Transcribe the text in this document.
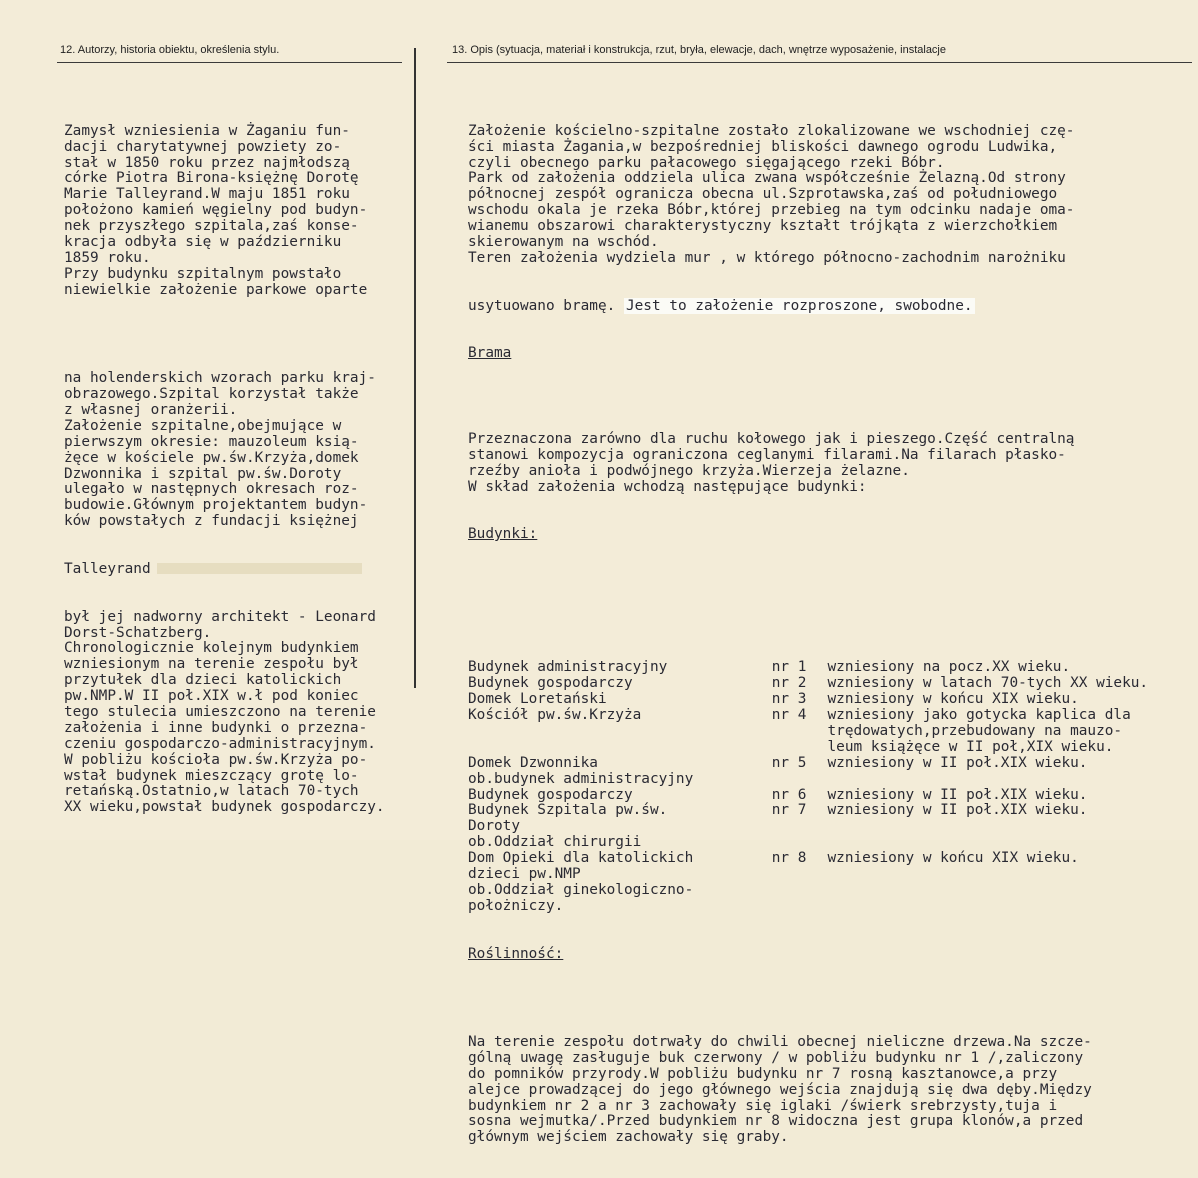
12. Autorzy, historia obiektu, określenia stylu.	13. Opis (sytuacja, materiał i konstrukcja, rzut, bryła, elewacje, dach, wnętrze wyposażenie, instalacje

Zamysł wzniesienia w Żaganiu fun-
dacji charytatywnej powziety zo-
stał w 1850 roku przez najmłodszą
córke Piotra Birona-księżnę Dorotę
Marie Talleyrand.W maju 1851 roku
położono kamień węgielny pod budyn-
nek przyszłego szpitala,zaś konse-
kracja odbyła się w październiku
1859 roku.
Przy budynku szpitalnym powstało
niewielkie założenie parkowe oparte

na holenderskich wzorach parku kraj-
obrazowego.Szpital korzystał także
z własnej oranżerii.
Założenie szpitalne,obejmujące w
pierwszym okresie: mauzoleum ksią-
żęce w kościele pw.św.Krzyża,domek
Dzwonnika i szpital pw.św.Doroty
ulegało w następnych okresach roz-
budowie.Głównym projektantem budyn-
ków powstałych z fundacji księżnej

Talleyrand

był jej nadworny architekt - Leonard
Dorst-Schatzberg.
Chronologicznie kolejnym budynkiem
wzniesionym na terenie zespołu był
przytułek dla dzieci katolickich
pw.NMP.W II poł.XIX w.ł pod koniec
tego stulecia umieszczono na terenie
założenia i inne budynki o przezna-
czeniu gospodarczo-administracyjnym.
W pobliżu kościoła pw.św.Krzyża po-
wstał budynek mieszczący grotę lo-
retańską.Ostatnio,w latach 70-tych
XX wieku,powstał budynek gospodarczy.

Założenie kościelno-szpitalne zostało zlokalizowane we wschodniej czę-
ści miasta Żagania,w bezpośredniej bliskości dawnego ogrodu Ludwika,
czyli obecnego parku pałacowego sięgającego rzeki Bóbr.
Park od założenia oddziela ulica zwana współcześnie Żelazną.Od strony
północnej zespół ogranicza obecna ul.Szprotawska,zaś od południowego
wschodu okala je rzeka Bóbr,której przebieg na tym odcinku nadaje oma-
wianemu obszarowi charakterystyczny kształt trójkąta z wierzchołkiem
skierowanym na wschód.
Teren założenia wydziela mur , w którego północno-zachodnim narożniku

usytuowano bramę. Jest to założenie rozproszone, swobodne.

Brama

Przeznaczona zarówno dla ruchu kołowego jak i pieszego.Część centralną
stanowi kompozycja ograniczona ceglanymi filarami.Na filarach płasko-
rzeźby anioła i podwójnego krzyża.Wierzeja żelazne.
W skład założenia wchodzą następujące budynki:

Budynki:

Budynek administracyjny	nr 1	wzniesiony na pocz.XX wieku.
Budynek gospodarczy	nr 2	wzniesiony w latach 70-tych XX wieku.
Domek Loretański	nr 3	wzniesiony w końcu XIX wieku.
Kościół pw.św.Krzyża	nr 4	wzniesiony jako gotycka kaplica dla
trędowatych,przebudowany na mauzo-
leum książęce w II poł,XIX wieku.
Domek Dzwonnika	nr 5	wzniesiony w II poł.XIX wieku.
ob.budynek administracyjny
Budynek gospodarczy	nr 6	wzniesiony w II poł.XIX wieku.
Budynek Szpitala pw.św.	nr 7	wzniesiony w II poł.XIX wieku.
Doroty
ob.Oddział chirurgii
Dom Opieki dla katolickich	nr 8	wzniesiony w końcu XIX wieku.
dzieci pw.NMP
ob.Oddział ginekologiczno-
położniczy.

Roślinność:

Na terenie zespołu dotrwały do chwili obecnej nieliczne drzewa.Na szcze-
gólną uwagę zasługuje buk czerwony / w pobliżu budynku nr 1 /,zaliczony
do pomników przyrody.W pobliżu budynku nr 7 rosną kasztanowce,a przy
alejce prowadzącej do jego głównego wejścia znajdują się dwa dęby.Między
budynkiem nr 2 a nr 3 zachowały się iglaki /świerk srebrzysty,tuja i
sosna wejmutka/.Przed budynkiem nr 8 widoczna jest grupa klonów,a przed
głównym wejściem zachowały się graby.
